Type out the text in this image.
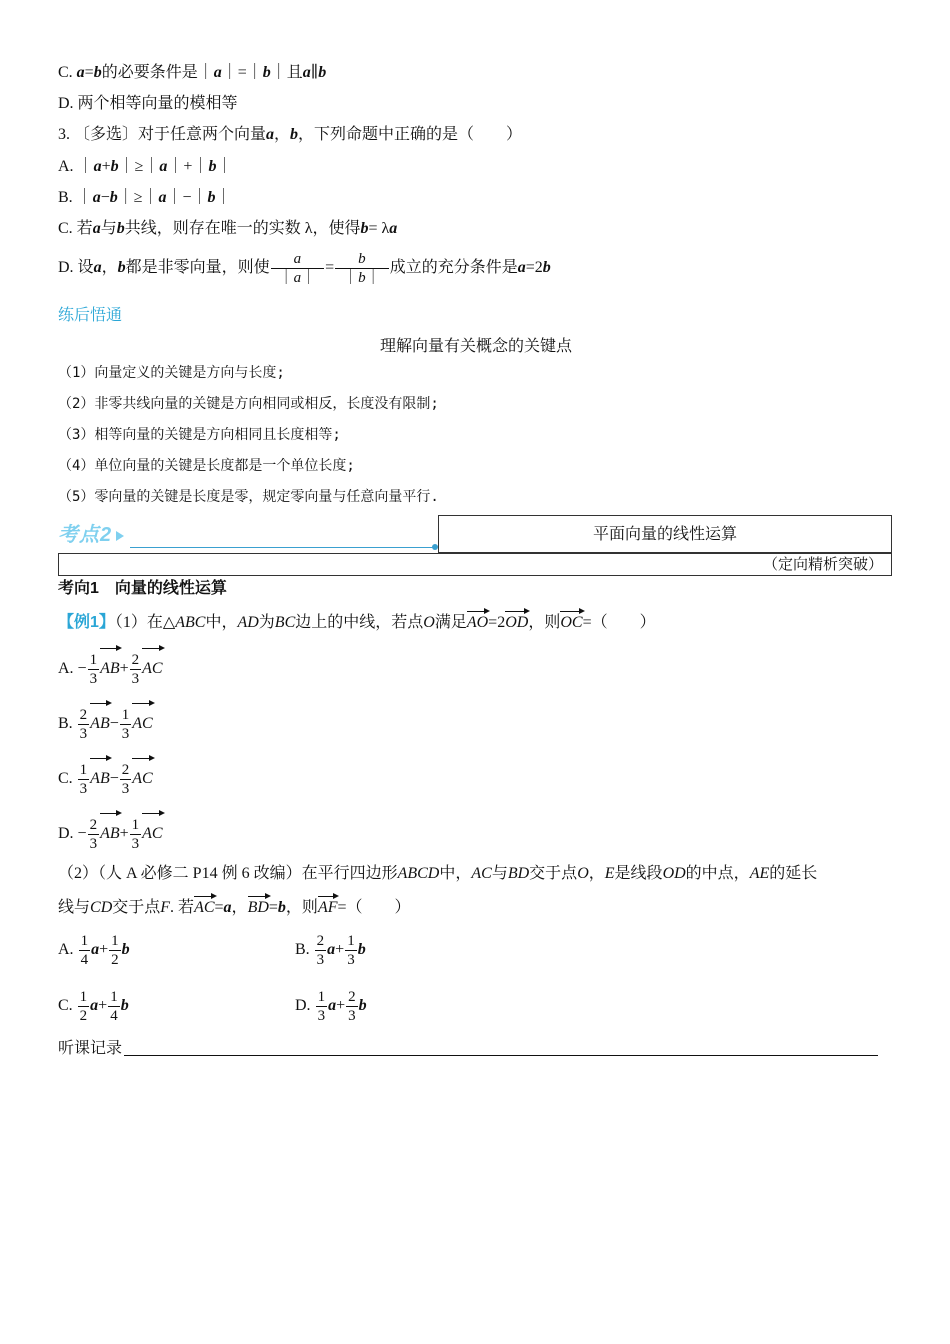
C. a=b的必要条件是｜a｜=｜b｜且a∥b
D. 两个相等向量的模相等
3. 〔多选〕对于任意两个向量a，b，下列命题中正确的是（　　）
A. ｜a+b｜≥｜a｜+｜b｜
B. ｜a−b｜≥｜a｜−｜b｜
C. 若a与b共线，则存在唯一的实数 λ，使得b= λa
D. 设a，b都是非零向量，则使 $\frac{a}{|a|} = \frac{b}{|b|}$ 成立的充分条件是a=2b
练后悟通
理解向量有关概念的关键点
（1）向量定义的关键是方向与长度;
（2）非零共线向量的关键是方向相同或相反，长度没有限制;
（3）相等向量的关键是方向相同且长度相等;
（4）单位向量的关键是长度都是一个单位长度;
（5）零向量的关键是长度是零，规定零向量与任意向量平行.
考点2	平面向量的线性运算
（定向精析突破）
考向1　 向量的线性运算
【例1】（1）在△ABC中，AD为BC边上的中线，若点O满足AO=2OD，则OC=（　　）
A. − $\frac{1}{3} AB+ \frac{2}{3}$ AC
B. $\frac{2}{3} AB- \frac{1}{3}$ AC
C. $\frac{1}{3} AB- \frac{2}{3}$ AC
D. − $\frac{2}{3} AB+ \frac{1}{3}$ AC
（2）（人 A 必修二 P14 例 6 改编）在平行四边形ABCD中，AC与BD交于点O，E是线段OD的中点，AE的延长
线与CD交于点F. 若AC=a，BD=b，则AF=（　　）
A. $\frac{1}{4} a+ \frac{1}{2}$ b	B. $\frac{2}{3} a+ \frac{1}{3}$ b
C. $\frac{1}{2} a+ \frac{1}{4}$ b	D. $\frac{1}{3} a+ \frac{2}{3}$ b
听课记录
